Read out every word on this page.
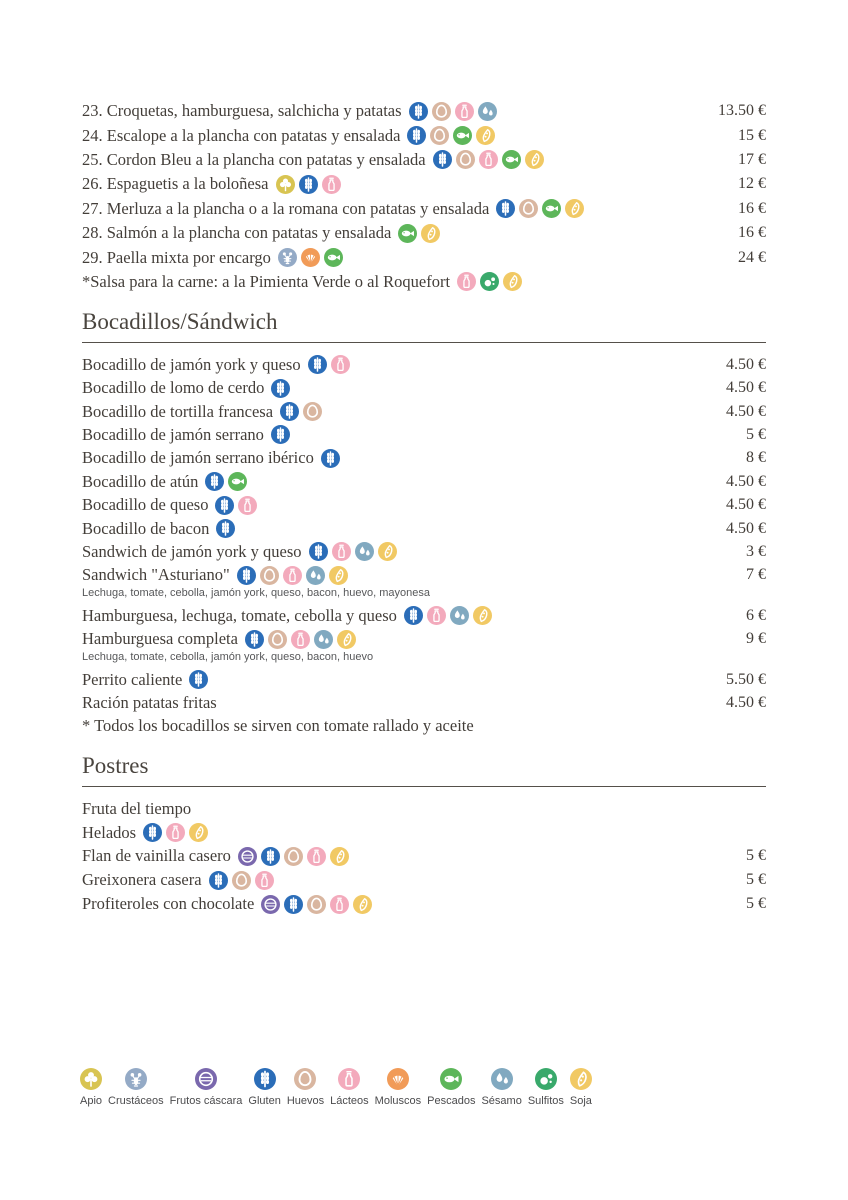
23. Croquetas, hamburguesa, salchicha y patatas	13.50 €
24. Escalope a la plancha con patatas y ensalada	15 €
25. Cordon Bleu a la plancha con patatas y ensalada	17 €
26. Espaguetis a la boloñesa	12 €
27. Merluza a la plancha o a la romana con patatas y ensalada	16 €
28. Salmón a la plancha con patatas y ensalada	16 €
29. Paella mixta por encargo	24 €
*Salsa para la carne: a la Pimienta Verde o al Roquefort
Bocadillos/Sándwich
Bocadillo de jamón york y queso	4.50 €
Bocadillo de lomo de cerdo	4.50 €
Bocadillo de tortilla francesa	4.50 €
Bocadillo de jamón serrano	5 €
Bocadillo de jamón serrano ibérico	8 €
Bocadillo de atún	4.50 €
Bocadillo de queso	4.50 €
Bocadillo de bacon	4.50 €
Sandwich de jamón york y queso	3 €
Sandwich "Asturiano"	7 €
Lechuga, tomate, cebolla, jamón york, queso, bacon, huevo, mayonesa
Hamburguesa, lechuga, tomate, cebolla y queso	6 €
Hamburguesa completa	9 €
Lechuga, tomate, cebolla, jamón york, queso, bacon, huevo
Perrito caliente	5.50 €
Ración patatas fritas	4.50 €
* Todos los bocadillos se sirven con tomate rallado y aceite
Postres
Fruta del tiempo
Helados
Flan de vainilla casero	5 €
Greixonera casera	5 €
Profiteroles con chocolate	5 €
Apio Crustáceos Frutos cáscara Gluten Huevos Lácteos Moluscos Pescados Sésamo Sulfitos Soja
